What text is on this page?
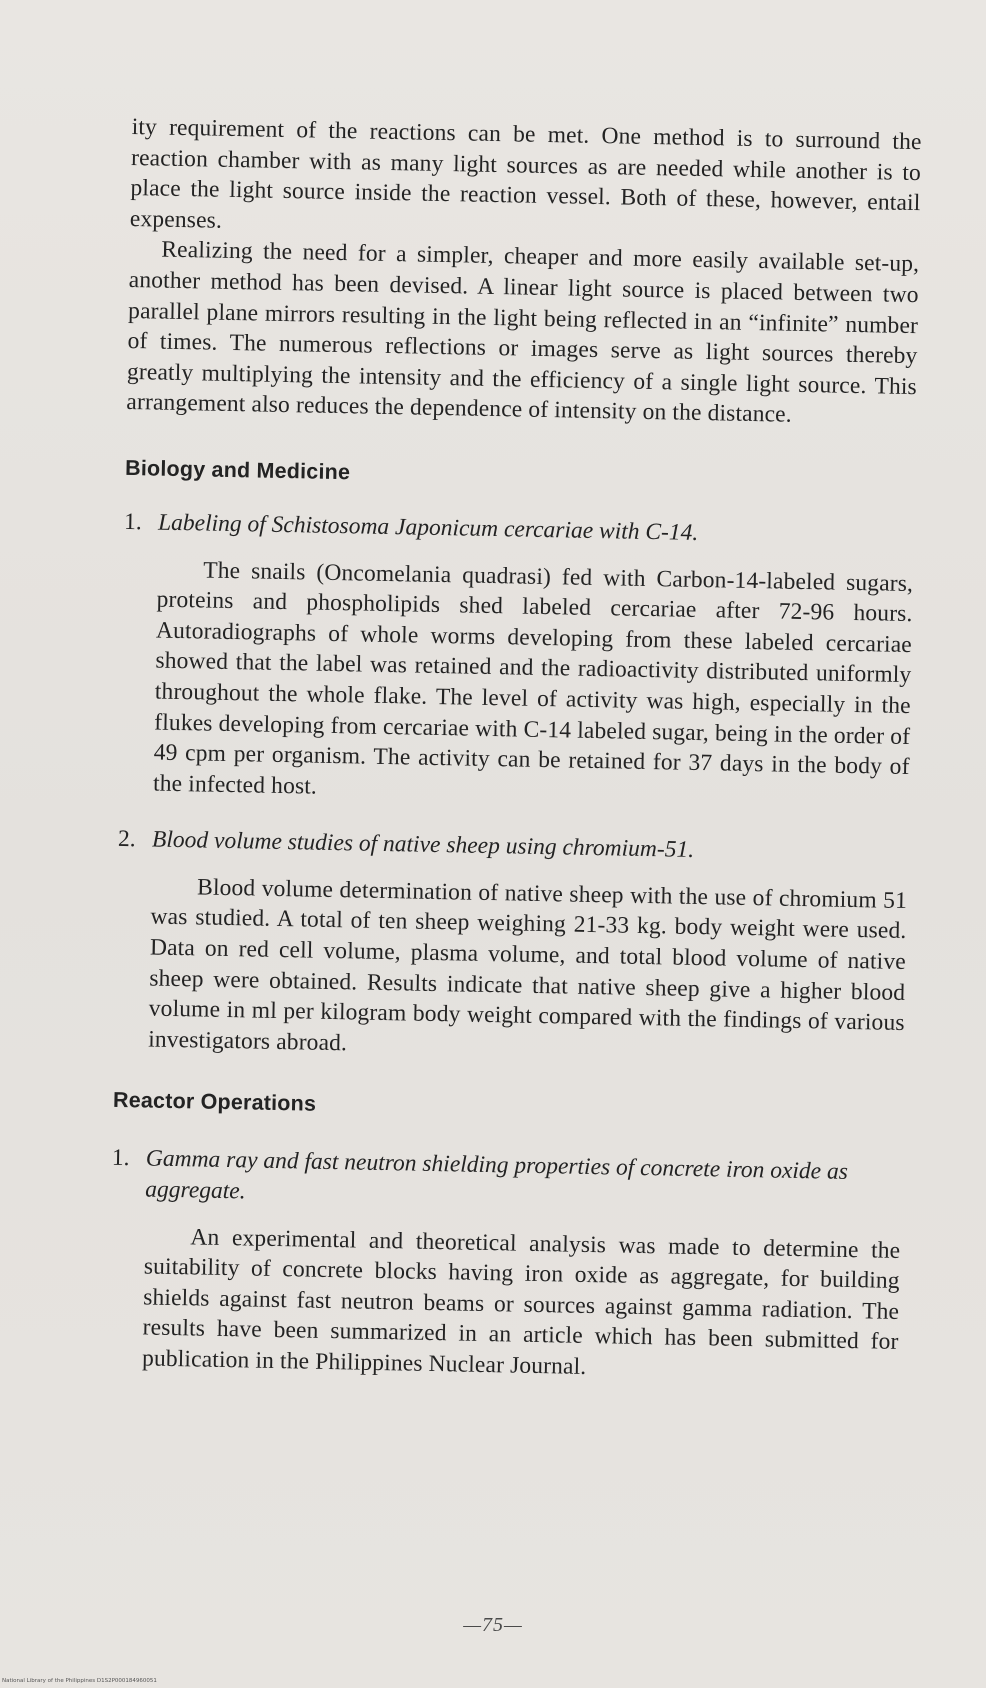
ity requirement of the reactions can be met. One method is to surround the reaction chamber with as many light sources as are needed while another is to place the light source inside the reaction vessel. Both of these, however, entail expenses.

Realizing the need for a simpler, cheaper and more easily available set-up, another method has been devised. A linear light source is placed between two parallel plane mirrors resulting in the light being reflected in an “infinite” number of times. The numerous reflections or images serve as light sources thereby greatly multiplying the intensity and the efficiency of a single light source. This arrangement also reduces the dependence of intensity on the distance.

Biology and Medicine
1. Labeling of Schistosoma Japonicum cercariae with C-14.

The snails (Oncomelania quadrasi) fed with Carbon-14-labeled sugars, proteins and phospholipids shed labeled cercariae after 72-96 hours. Autoradiographs of whole worms developing from these labeled cercariae showed that the label was retained and the radioactivity distributed uniformly throughout the whole flake. The level of activity was high, especially in the flukes developing from cercariae with C-14 labeled sugar, being in the order of 49 cpm per organism. The activity can be retained for 37 days in the body of the infected host.

2. Blood volume studies of native sheep using chromium-51.

Blood volume determination of native sheep with the use of chromium 51 was studied. A total of ten sheep weighing 21-33 kg. body weight were used. Data on red cell volume, plasma volume, and total blood volume of native sheep were obtained. Results indicate that native sheep give a higher blood volume in ml per kilogram body weight compared with the findings of various investigators abroad.

Reactor Operations
1. Gamma ray and fast neutron shielding properties of concrete iron oxide as aggregate.

An experimental and theoretical analysis was made to determine the suitability of concrete blocks having iron oxide as aggregate, for building shields against fast neutron beams or sources against gamma radiation. The results have been summarized in an article which has been submitted for publication in the Philippines Nuclear Journal.

—75—
National Library of the Philippines D1S2P000184960051
